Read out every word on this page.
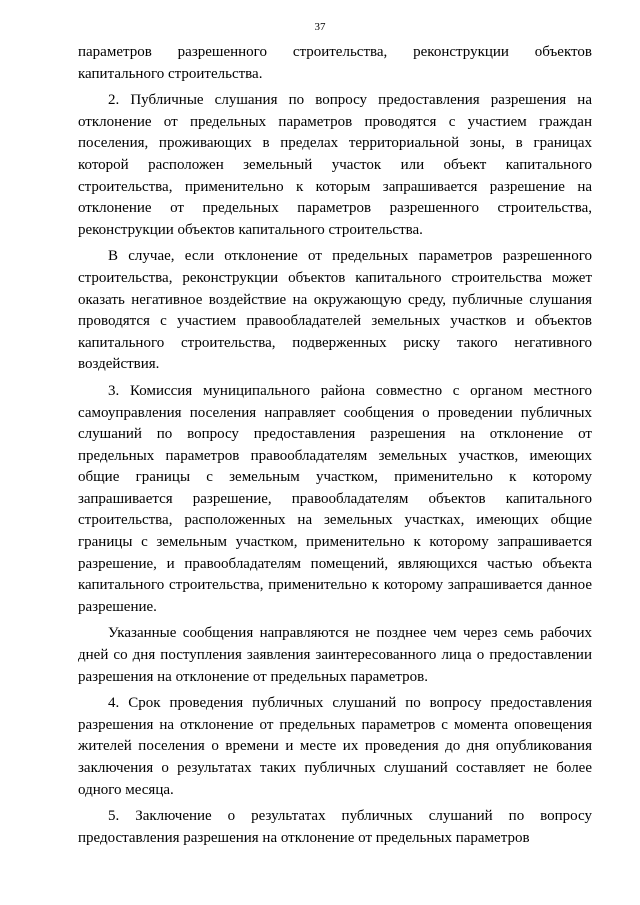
37

параметров разрешенного строительства, реконструкции объектов капитального строительства.

2. Публичные слушания по вопросу предоставления разрешения на отклонение от предельных параметров проводятся с участием граждан поселения, проживающих в пределах территориальной зоны, в границах которой расположен земельный участок или объект капитального строительства, применительно к которым запрашивается разрешение на отклонение от предельных параметров разрешенного строительства, реконструкции объектов капитального строительства.

В случае, если отклонение от предельных параметров разрешенного строительства, реконструкции объектов капитального строительства может оказать негативное воздействие на окружающую среду, публичные слушания проводятся с участием правообладателей земельных участков и объектов капитального строительства, подверженных риску такого негативного воздействия.

3. Комиссия муниципального района совместно с органом местного самоуправления поселения направляет сообщения о проведении публичных слушаний по вопросу предоставления разрешения на отклонение от предельных параметров правообладателям земельных участков, имеющих общие границы с земельным участком, применительно к которому запрашивается разрешение, правообладателям объектов капитального строительства, расположенных на земельных участках, имеющих общие границы с земельным участком, применительно к которому запрашивается разрешение, и правообладателям помещений, являющихся частью объекта капитального строительства, применительно к которому запрашивается данное разрешение.

Указанные сообщения направляются не позднее чем через семь рабочих дней со дня поступления заявления заинтересованного лица о предоставлении разрешения на отклонение от предельных параметров.

4. Срок проведения публичных слушаний по вопросу предоставления разрешения на отклонение от предельных параметров с момента оповещения жителей поселения о времени и месте их проведения до дня опубликования заключения о результатах таких публичных слушаний составляет не более одного месяца.

5. Заключение о результатах публичных слушаний по вопросу предоставления разрешения на отклонение от предельных параметров
